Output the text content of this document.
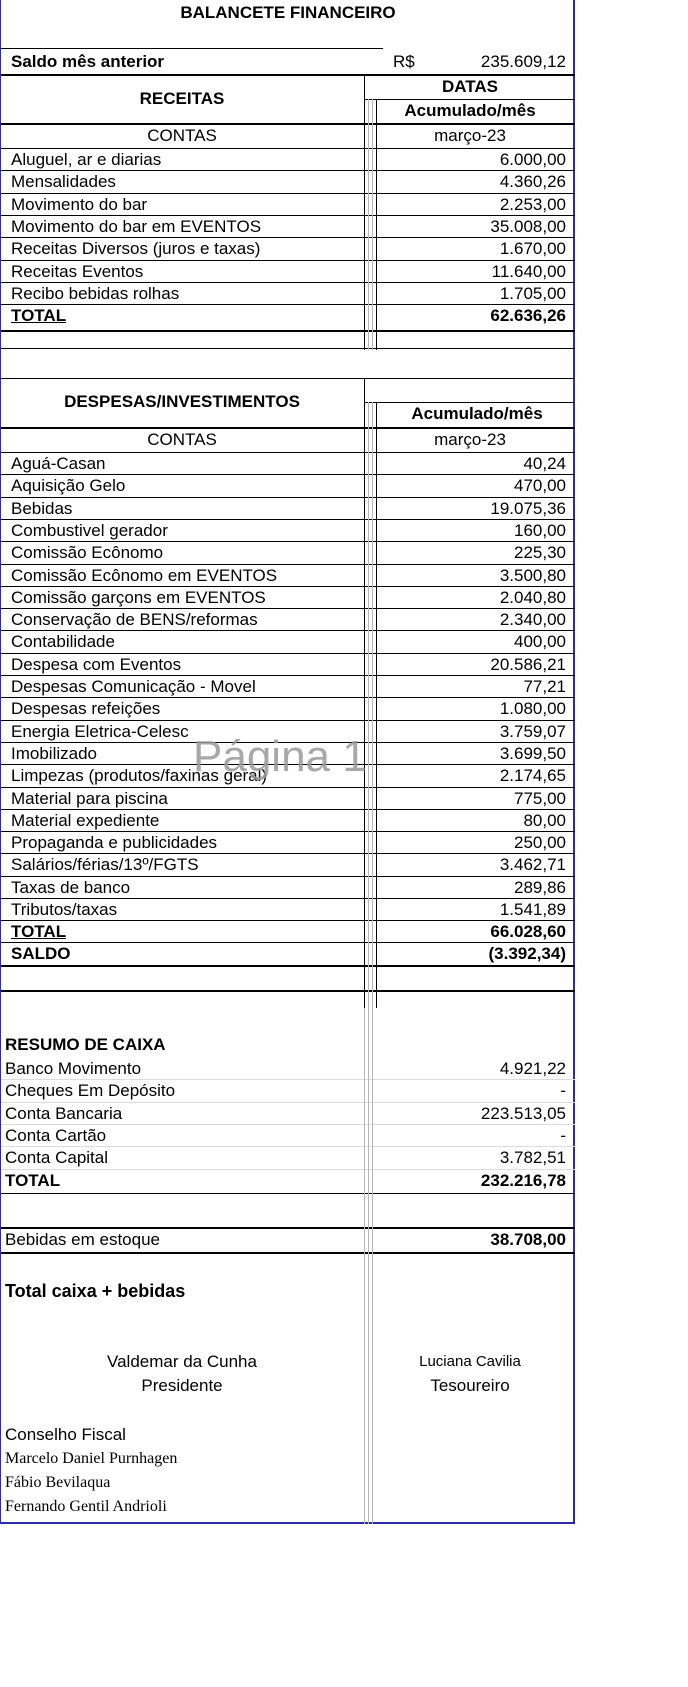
BALANCETE FINANCEIRO
Saldo mês anterior	R$	235.609,12
RECEITAS
DATAS
Acumulado/mês
CONTAS	março-23
Aluguel, ar e diarias	6.000,00
Mensalidades	4.360,26
Movimento do bar	2.253,00
Movimento do bar em EVENTOS	35.008,00
Receitas Diversos (juros e taxas)	1.670,00
Receitas Eventos	11.640,00
Recibo bebidas rolhas	1.705,00
TOTAL	62.636,26
DESPESAS/INVESTIMENTOS
Acumulado/mês
CONTAS	março-23
Aguá-Casan	40,24
Aquisição Gelo	470,00
Bebidas	19.075,36
Combustivel gerador	160,00
Comissão Ecônomo	225,30
Comissão Ecônomo em EVENTOS	3.500,80
Comissão garçons em EVENTOS	2.040,80
Conservação de BENS/reformas	2.340,00
Contabilidade	400,00
Despesa com Eventos	20.586,21
Despesas Comunicação - Movel	77,21
Despesas refeições	1.080,00
Energia Eletrica-Celesc	3.759,07
Imobilizado	3.699,50
Limpezas (produtos/faxinas geral)	2.174,65
Material para piscina	775,00
Material expediente	80,00
Propaganda e publicidades	250,00
Salários/férias/13º/FGTS	3.462,71
Taxas de banco	289,86
Tributos/taxas	1.541,89
TOTAL	66.028,60
SALDO	(3.392,34)
RESUMO DE CAIXA
Banco Movimento	4.921,22
Cheques Em Depósito	-
Conta Bancaria	223.513,05
Conta Cartão	-
Conta Capital	3.782,51
TOTAL	232.216,78
Bebidas em estoque	38.708,00
Total caixa + bebidas
Valdemar da Cunha	Luciana Cavilia
Presidente	Tesoureiro
Conselho Fiscal
Marcelo Daniel Purnhagen
Fábio Bevilaqua
Fernando Gentil Andrioli
Página 1
